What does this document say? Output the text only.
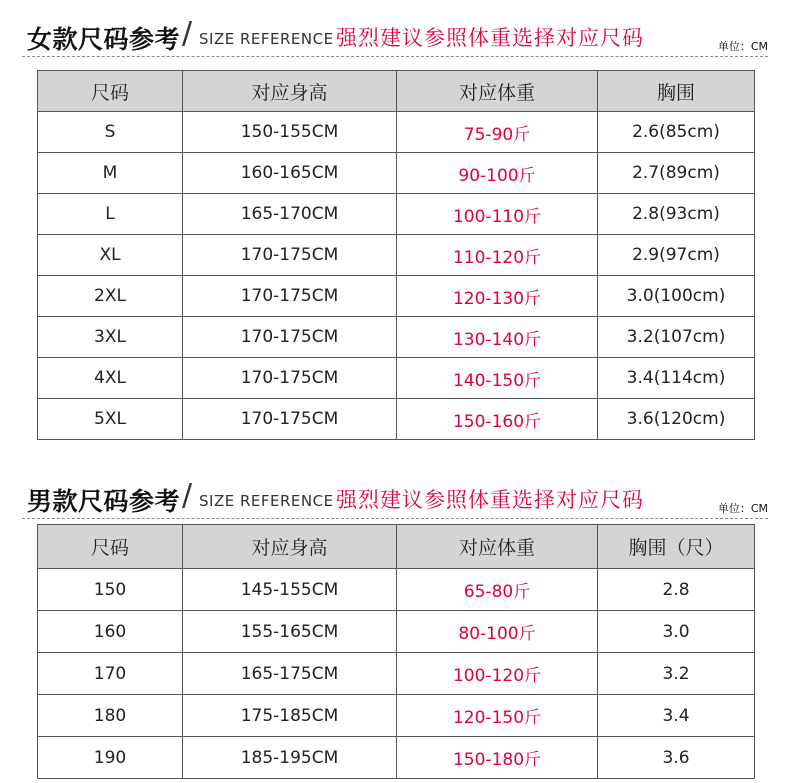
女款尺码参考 / SIZE REFERENCE 强烈建议参照体重选择对应尺码	单位：CM
尺码	对应身高	对应体重	胸围
S	150-155CM	75-90斤	2.6(85cm)
M	160-165CM	90-100斤	2.7(89cm)
L	165-170CM	100-110斤	2.8(93cm)
XL	170-175CM	110-120斤	2.9(97cm)
2XL	170-175CM	120-130斤	3.0(100cm)
3XL	170-175CM	130-140斤	3.2(107cm)
4XL	170-175CM	140-150斤	3.4(114cm)
5XL	170-175CM	150-160斤	3.6(120cm)
男款尺码参考 / SIZE REFERENCE 强烈建议参照体重选择对应尺码	单位：CM
尺码	对应身高	对应体重	胸围（尺）
150	145-155CM	65-80斤	2.8
160	155-165CM	80-100斤	3.0
170	165-175CM	100-120斤	3.2
180	175-185CM	120-150斤	3.4
190	185-195CM	150-180斤	3.6
